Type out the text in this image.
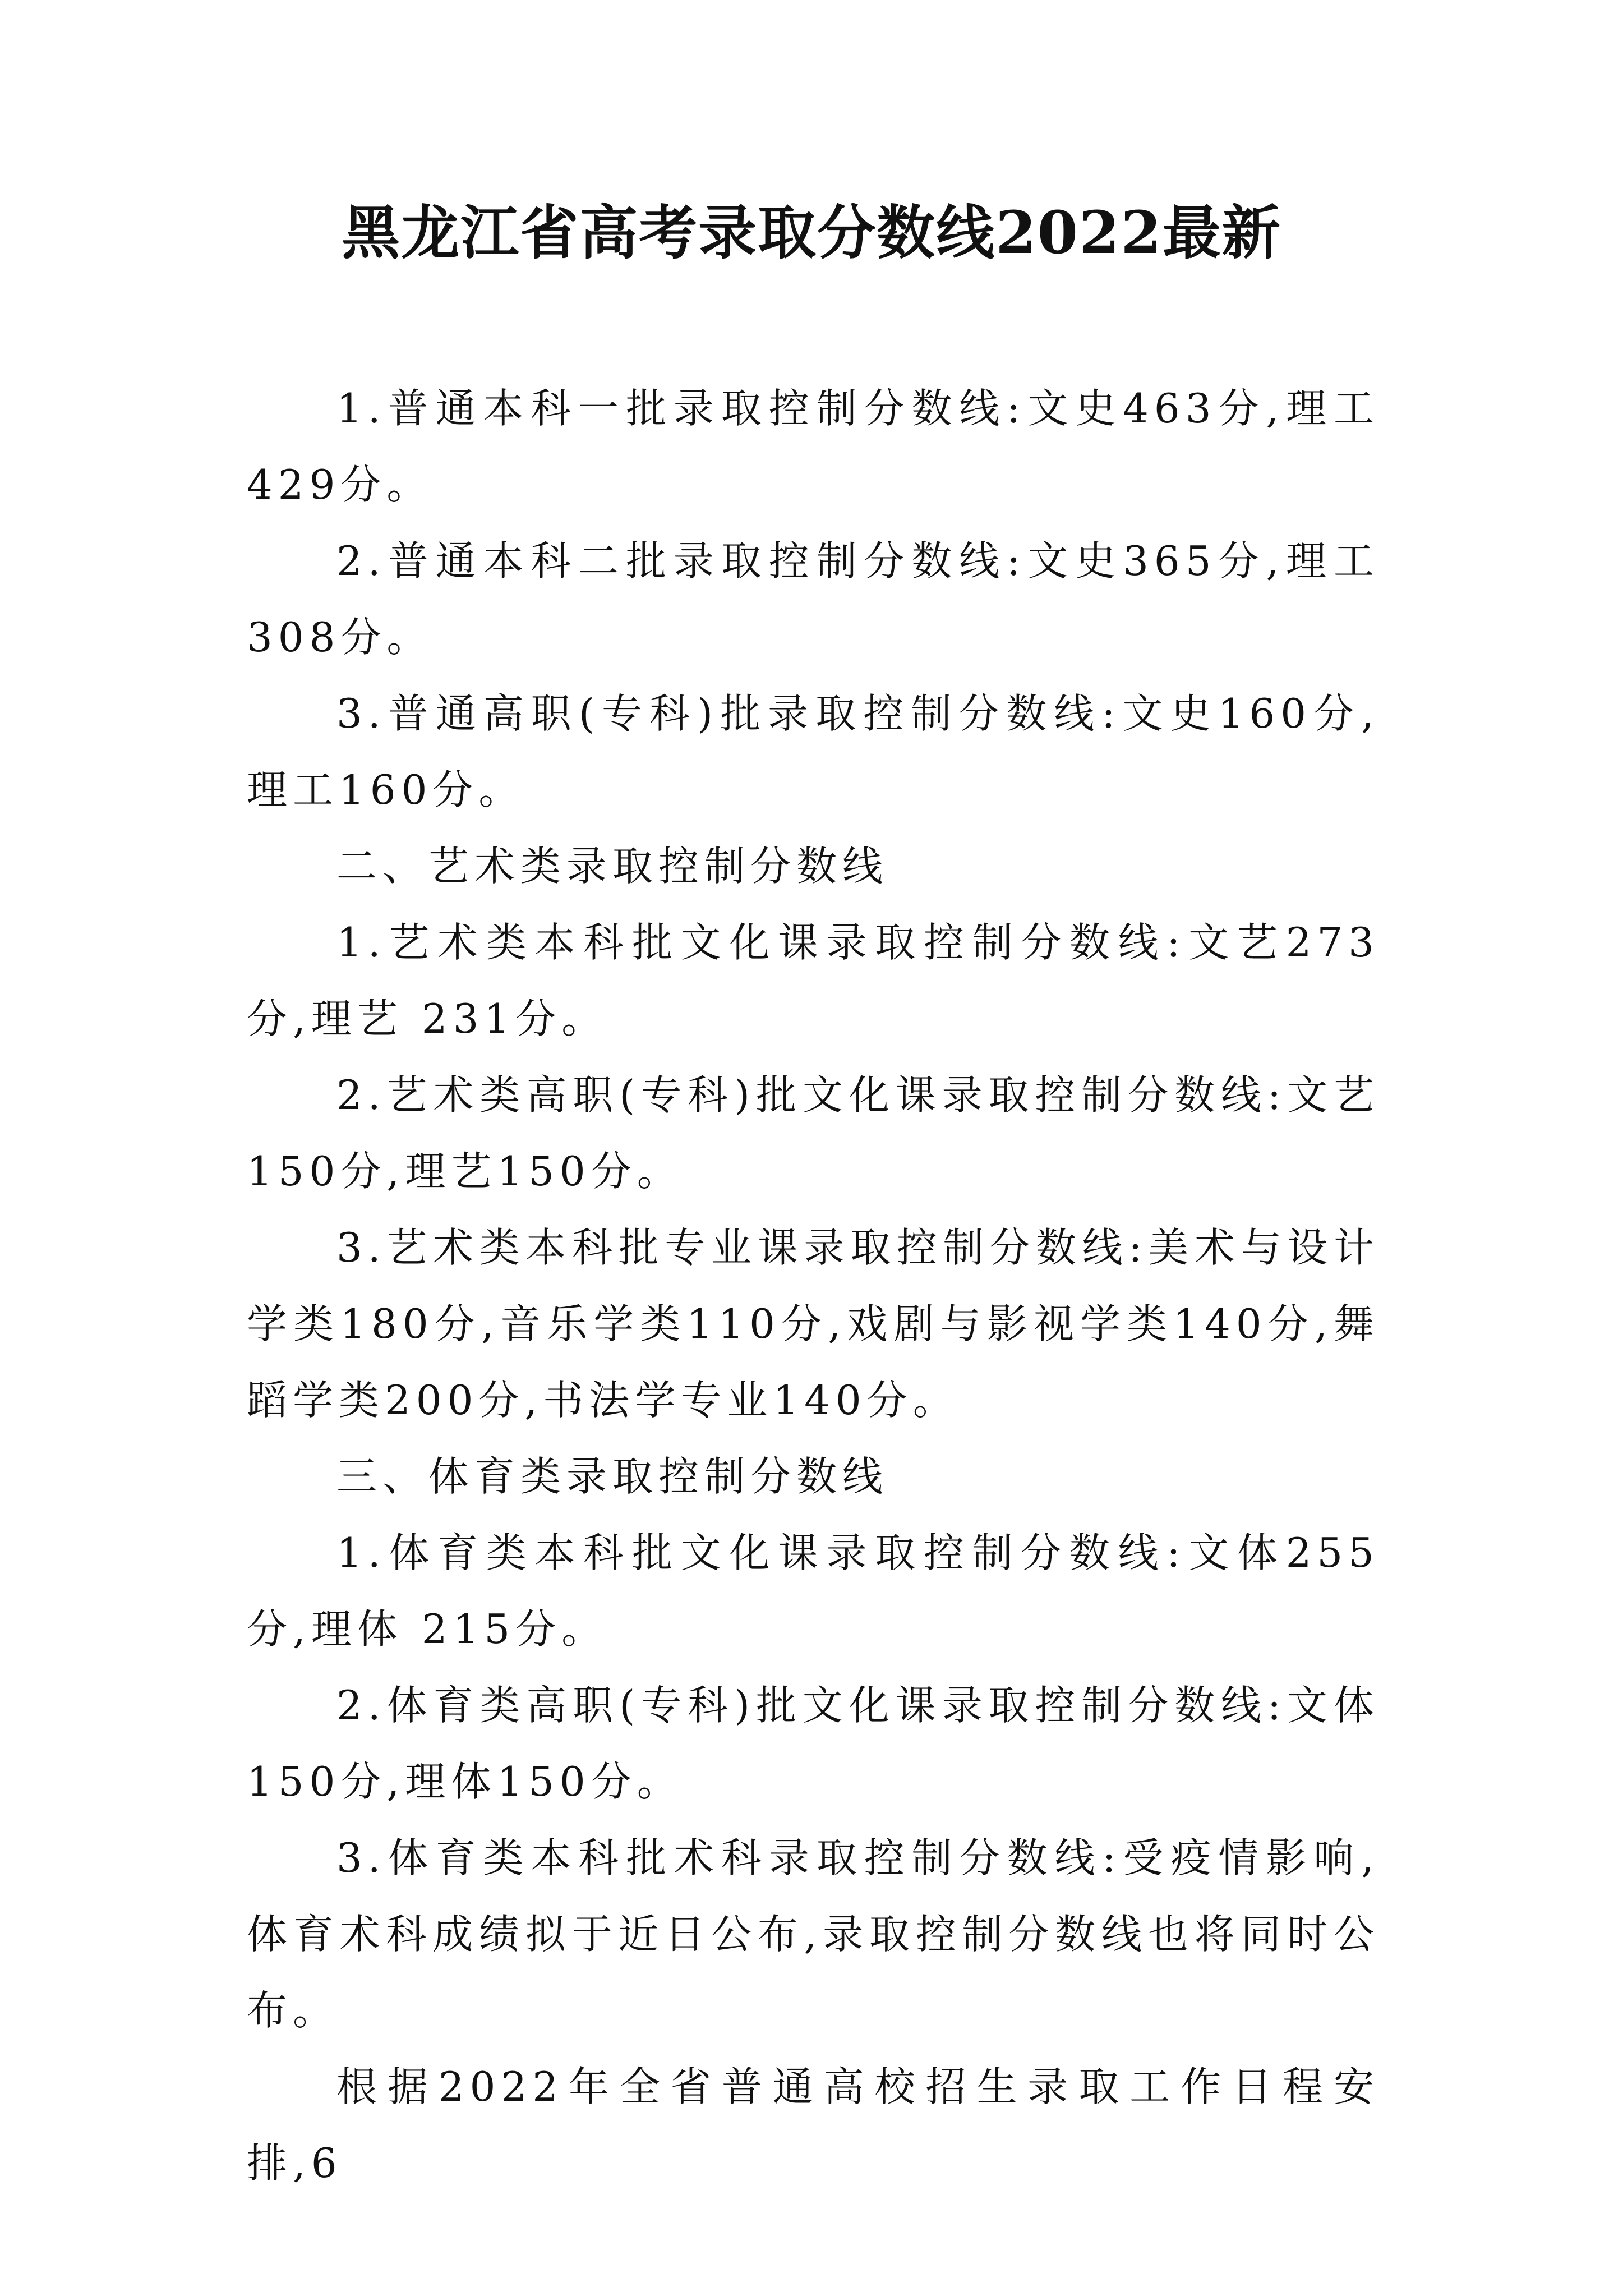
黑龙江省高考录取分数线2022最新

1.普通本科一批录取控制分数线:文史463分,理工429分。

2.普通本科二批录取控制分数线:文史365分,理工308分。

3.普通高职(专科)批录取控制分数线:文史160分,理工160分。

二、艺术类录取控制分数线

1.艺术类本科批文化课录取控制分数线:文艺273分,理艺 231分。

2.艺术类高职(专科)批文化课录取控制分数线:文艺150分,理艺150分。

3.艺术类本科批专业课录取控制分数线:美术与设计学类180分,音乐学类110分,戏剧与影视学类140分,舞蹈学类200分,书法学专业140分。

三、体育类录取控制分数线

1.体育类本科批文化课录取控制分数线:文体255分,理体 215分。

2.体育类高职(专科)批文化课录取控制分数线:文体150分,理体150分。

3.体育类本科批术科录取控制分数线:受疫情影响,体育术科成绩拟于近日公布,录取控制分数线也将同时公布。

根据2022年全省普通高校招生录取工作日程安排,6
